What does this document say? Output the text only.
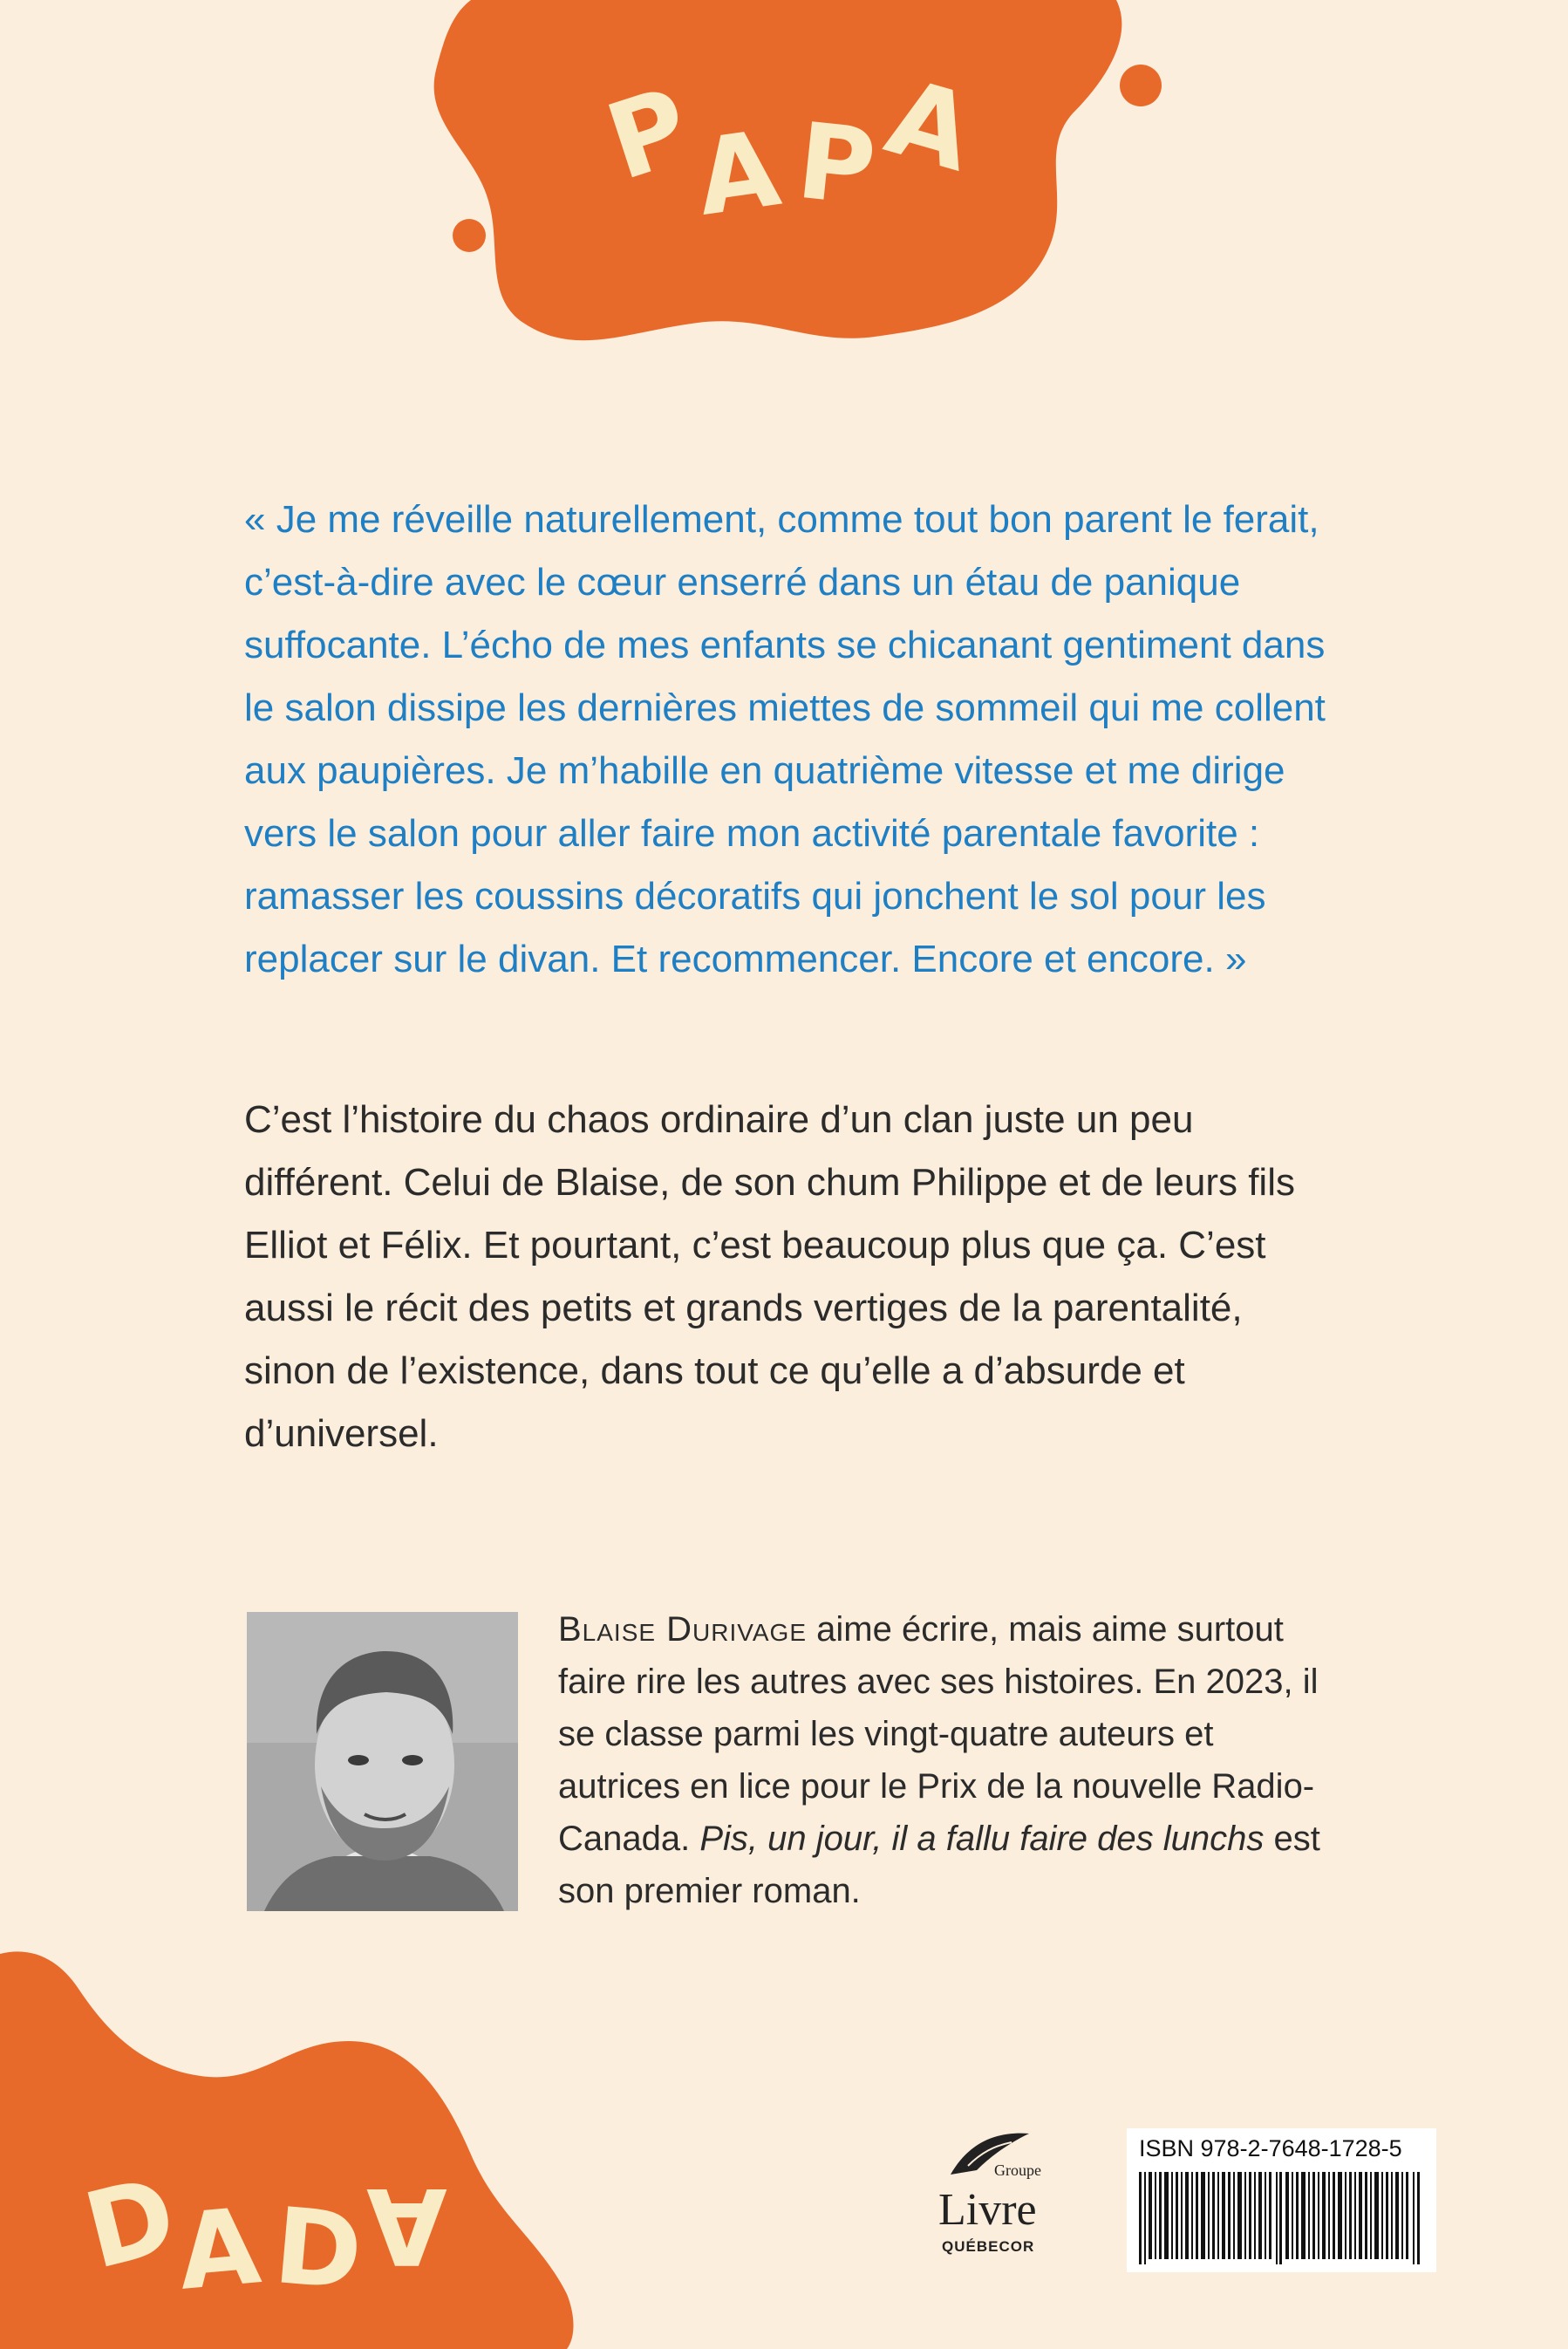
P
A P
A

« Je me réveille naturellement, comme tout bon parent le ferait, c’est-à-dire avec le cœur enserré dans un étau de panique suffocante. L’écho de mes enfants se chicanant gentiment dans le salon dissipe les dernières miettes de sommeil qui me collent aux paupières. Je m’habille en quatrième vitesse et me dirige vers le salon pour aller faire mon activité parentale favorite : ramasser les coussins décoratifs qui jonchent le sol pour les replacer sur le divan. Et recommencer. Encore et encore. »

C’est l’histoire du chaos ordinaire d’un clan juste un peu différent. Celui de Blaise, de son chum Philippe et de leurs fils Elliot et Félix. Et pourtant, c’est beaucoup plus que ça. C’est aussi le récit des petits et grands vertiges de la parentalité, sinon de l’existence, dans tout ce qu’elle a d’absurde et d’universel.

Blaise Durivage aime écrire, mais aime surtout faire rire les autres avec ses histoires. En 2023, il se classe parmi les vingt-quatre auteurs et autrices en lice pour le Prix de la nouvelle Radio-Canada. Pis, un jour, il a fallu faire des lunchs est son premier roman.

D
A D A	Groupe
Livre
QUÉBECOR
ISBN 978-2-7648-1728-5
